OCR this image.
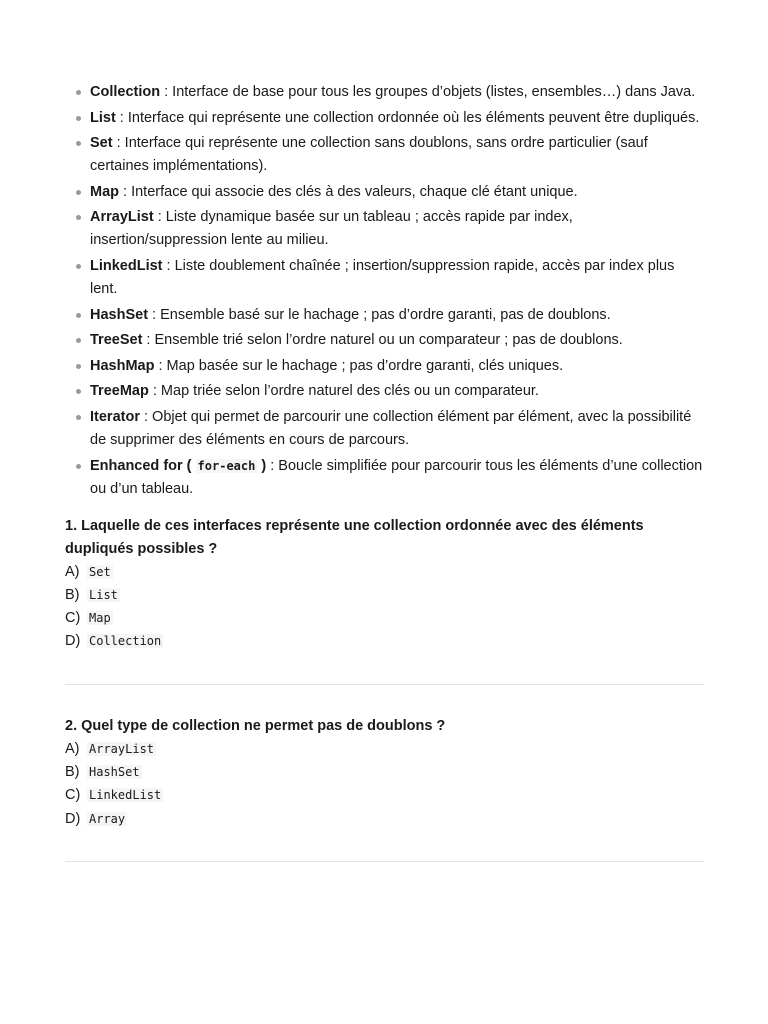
Collection : Interface de base pour tous les groupes d’objets (listes, ensembles…) dans Java.
List : Interface qui représente une collection ordonnée où les éléments peuvent être dupliqués.
Set : Interface qui représente une collection sans doublons, sans ordre particulier (sauf certaines implémentations).
Map : Interface qui associe des clés à des valeurs, chaque clé étant unique.
ArrayList : Liste dynamique basée sur un tableau ; accès rapide par index, insertion/suppression lente au milieu.
LinkedList : Liste doublement chaînée ; insertion/suppression rapide, accès par index plus lent.
HashSet : Ensemble basé sur le hachage ; pas d’ordre garanti, pas de doublons.
TreeSet : Ensemble trié selon l’ordre naturel ou un comparateur ; pas de doublons.
HashMap : Map basée sur le hachage ; pas d’ordre garanti, clés uniques.
TreeMap : Map triée selon l’ordre naturel des clés ou un comparateur.
Iterator : Objet qui permet de parcourir une collection élément par élément, avec la possibilité de supprimer des éléments en cours de parcours.
Enhanced for ( for-each ) : Boucle simplifiée pour parcourir tous les éléments d’une collection ou d’un tableau.
1. Laquelle de ces interfaces représente une collection ordonnée avec des éléments dupliqués possibles ?
A) Set
B) List
C) Map
D) Collection
2. Quel type de collection ne permet pas de doublons ?
A) ArrayList
B) HashSet
C) LinkedList
D) Array
